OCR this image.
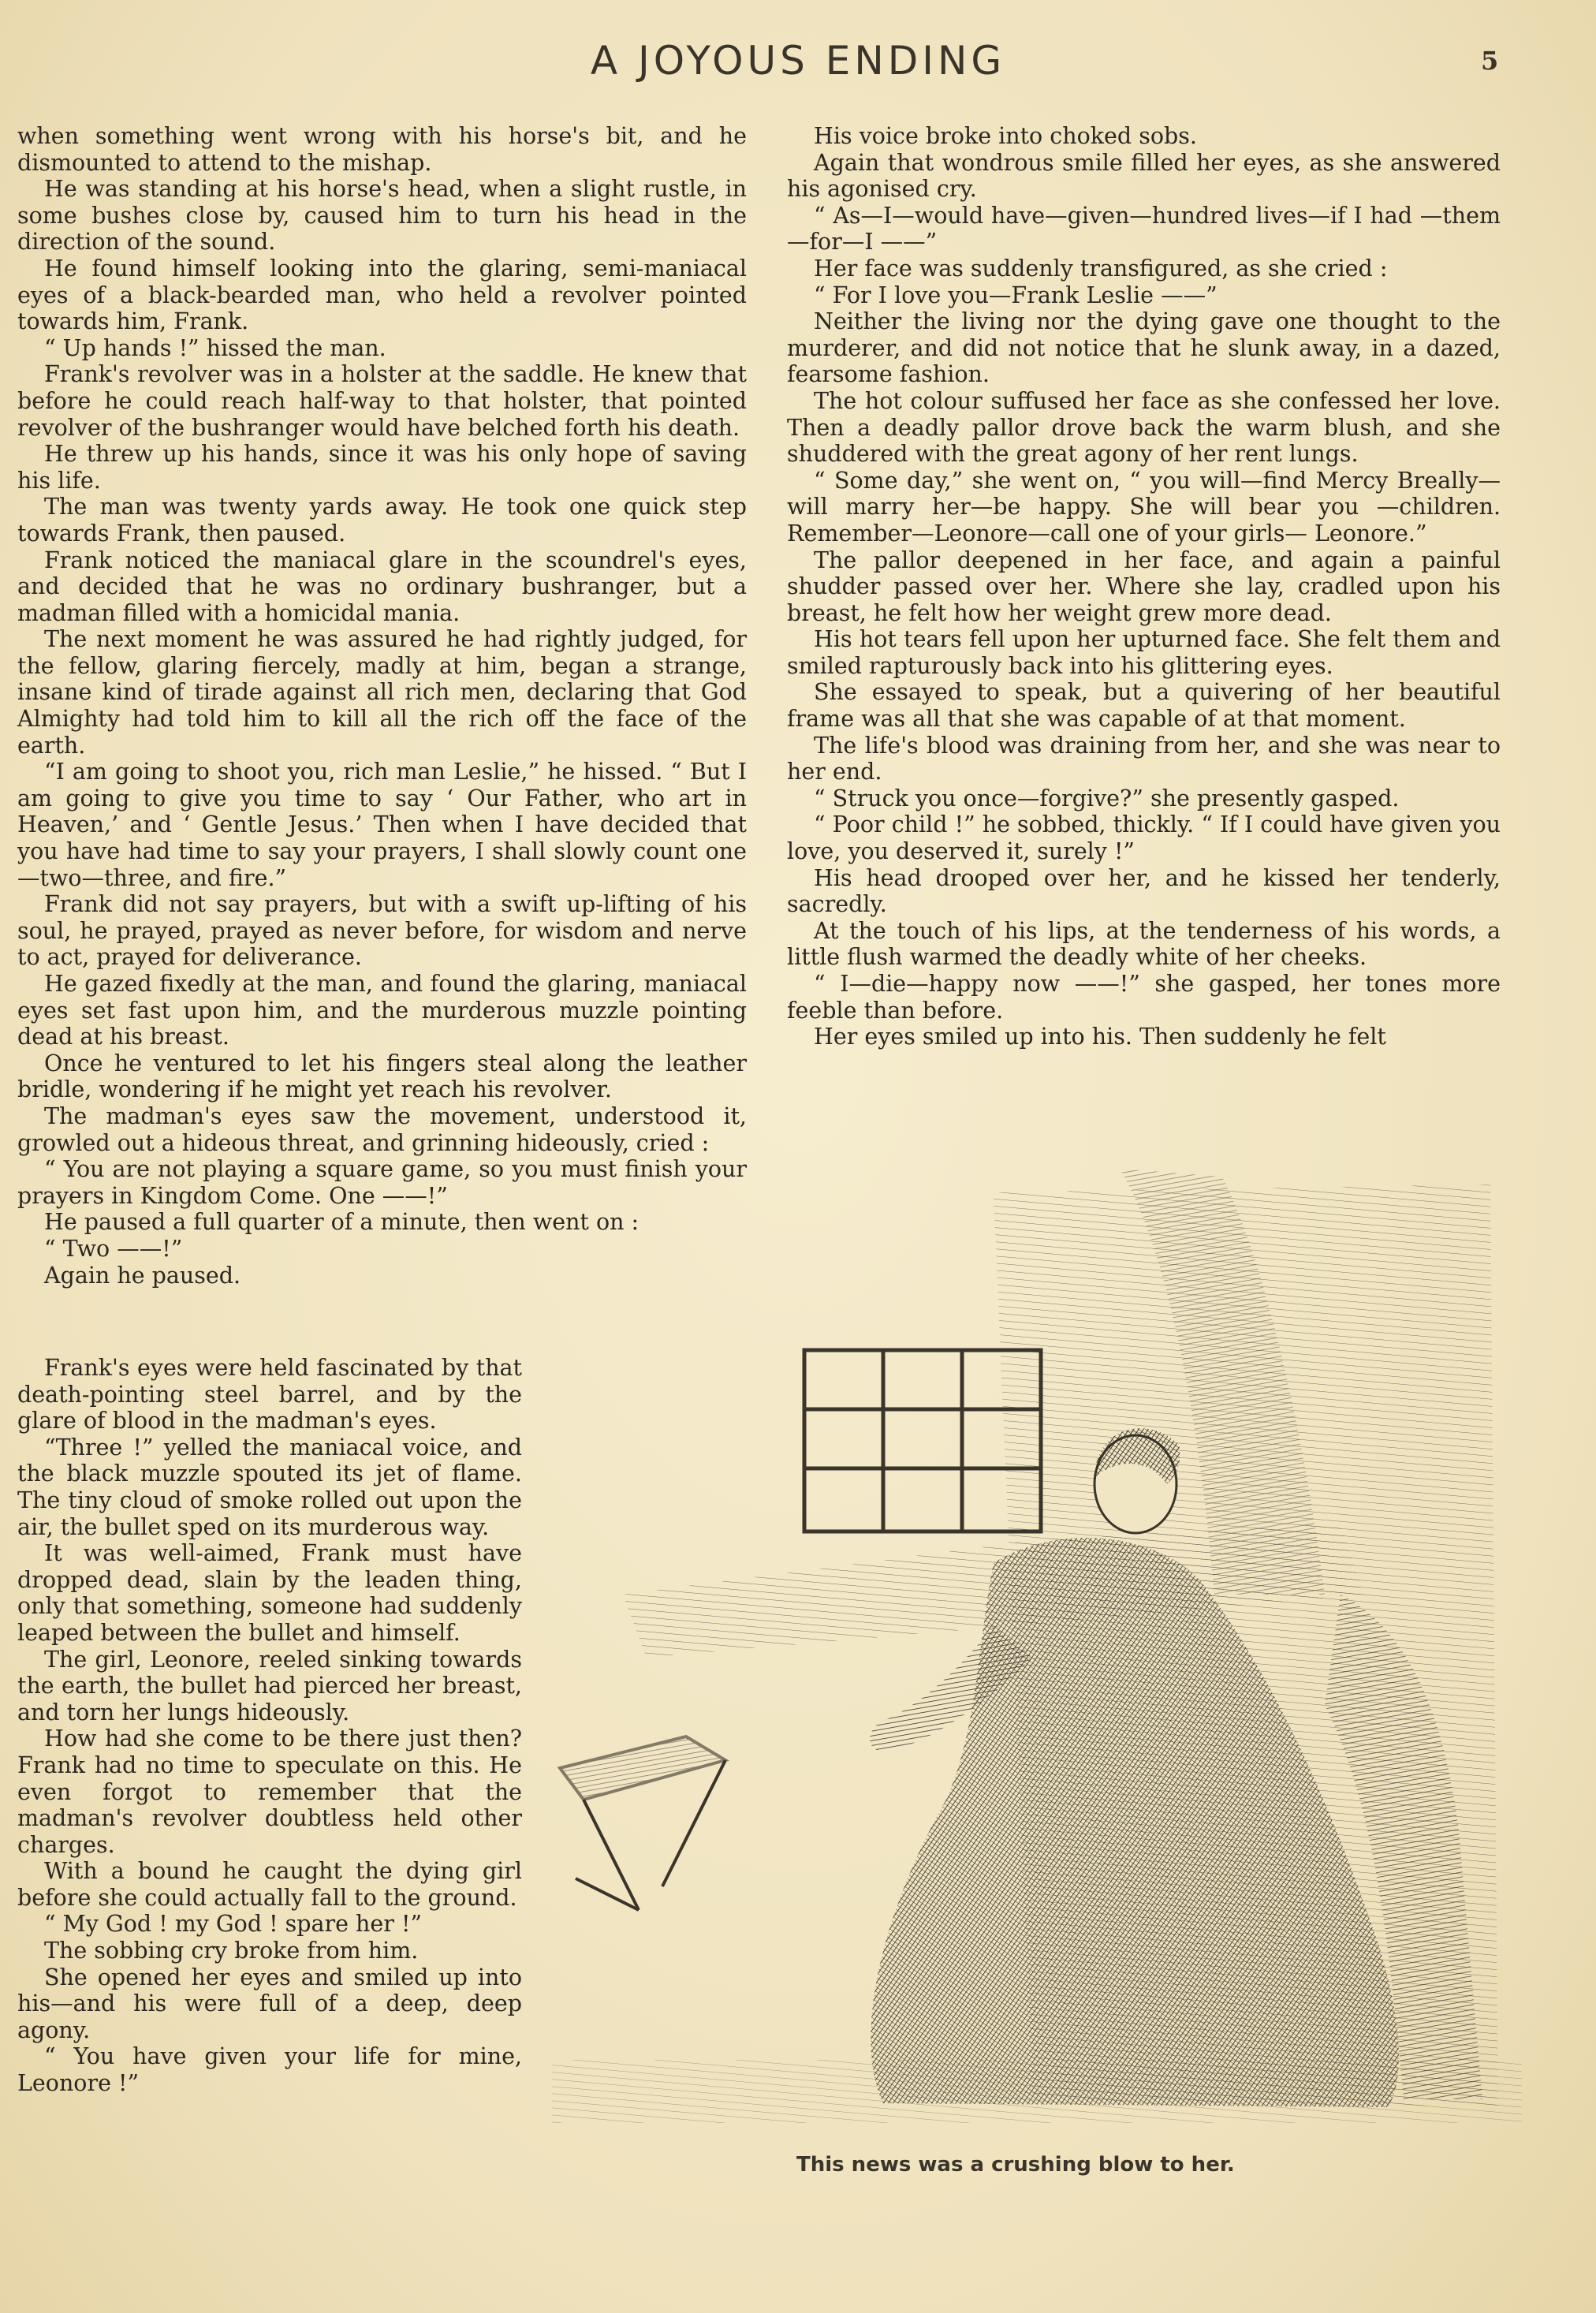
A JOYOUS ENDING	5

when something went wrong with his horse's bit, and he dismounted to attend to the mishap.

He was standing at his horse's head, when a slight rustle, in some bushes close by, caused him to turn his head in the direction of the sound.

He found himself looking into the glaring, semi-maniacal eyes of a black-bearded man, who held a revolver pointed towards him, Frank.

“ Up hands !” hissed the man.

Frank's revolver was in a holster at the saddle. He knew that before he could reach half-way to that holster, that pointed revolver of the bushranger would have belched forth his death.

He threw up his hands, since it was his only hope of saving his life.

The man was twenty yards away. He took one quick step towards Frank, then paused.

Frank noticed the maniacal glare in the scoundrel's eyes, and decided that he was no ordinary bushranger, but a madman filled with a homicidal mania.

The next moment he was assured he had rightly judged, for the fellow, glaring fiercely, madly at him, began a strange, insane kind of tirade against all rich men, declaring that God Almighty had told him to kill all the rich off the face of the earth.

“I am going to shoot you, rich man Leslie,” he hissed. “ But I am going to give you time to say ‘ Our Father, who art in Heaven,’ and ‘ Gentle Jesus.’ Then when I have decided that you have had time to say your prayers, I shall slowly count one—two—three, and fire.”

Frank did not say prayers, but with a swift up-lifting of his soul, he prayed, prayed as never before, for wisdom and nerve to act, prayed for deliverance.

He gazed fixedly at the man, and found the glaring, maniacal eyes set fast upon him, and the murderous muzzle pointing dead at his breast.

Once he ventured to let his fingers steal along the leather bridle, wondering if he might yet reach his revolver.

The madman's eyes saw the movement, understood it, growled out a hideous threat, and grinning hideously, cried :

“ You are not playing a square game, so you must finish your prayers in Kingdom Come. One ——!”

He paused a full quarter of a minute, then went on :

“ Two ——!”

Again he paused.

Frank's eyes were held fascinated by that death-pointing steel barrel, and by the glare of blood in the madman's eyes.

“Three !” yelled the maniacal voice, and the black muzzle spouted its jet of flame. The tiny cloud of smoke rolled out upon the air, the bullet sped on its murderous way.

It was well-aimed, Frank must have dropped dead, slain by the leaden thing, only that something, someone had suddenly leaped between the bullet and himself.

The girl, Leonore, reeled sinking towards the earth, the bullet had pierced her breast, and torn her lungs hideously.

How had she come to be there just then? Frank had no time to speculate on this. He even forgot to remember that the madman's revolver doubtless held other charges.

With a bound he caught the dying girl before she could actually fall to the ground.

“ My God ! my God ! spare her !”

The sobbing cry broke from him.

She opened her eyes and smiled up into his—and his were full of a deep, deep agony.

“ You have given your life for mine, Leonore !”

His voice broke into choked sobs.

Again that wondrous smile filled her eyes, as she answered his agonised cry.

“ As—I—would have—given—hundred lives—if I had —them—for—I ——”

Her face was suddenly transfigured, as she cried :

“ For I love you—Frank Leslie ——”

Neither the living nor the dying gave one thought to the murderer, and did not notice that he slunk away, in a dazed, fearsome fashion.

The hot colour suffused her face as she confessed her love. Then a deadly pallor drove back the warm blush, and she shuddered with the great agony of her rent lungs.

“ Some day,” she went on, “ you will—find Mercy Breally—will marry her—be happy. She will bear you —children. Remember—Leonore—call one of your girls— Leonore.”

The pallor deepened in her face, and again a painful shudder passed over her. Where she lay, cradled upon his breast, he felt how her weight grew more dead.

His hot tears fell upon her upturned face. She felt them and smiled rapturously back into his glittering eyes.

She essayed to speak, but a quivering of her beautiful frame was all that she was capable of at that moment.

The life's blood was draining from her, and she was near to her end.

“ Struck you once—forgive?” she presently gasped.

“ Poor child !” he sobbed, thickly. “ If I could have given you love, you deserved it, surely !”

His head drooped over her, and he kissed her tenderly, sacredly.

At the touch of his lips, at the tenderness of his words, a little flush warmed the deadly white of her cheeks.

“ I—die—happy now ——!” she gasped, her tones more feeble than before.

Her eyes smiled up into his. Then suddenly he felt

This news was a crushing blow to her.
